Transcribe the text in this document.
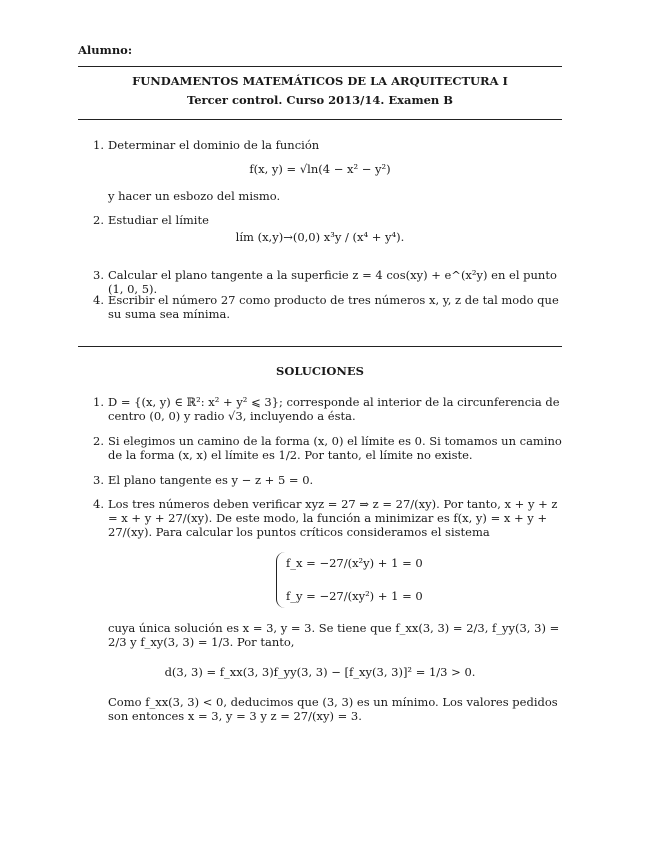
Alumno:
FUNDAMENTOS MATEMÁTICOS DE LA ARQUITECTURA I
Tercer control. Curso 2013/14. Examen B
1. Determinar el dominio de la función
f(x, y) = √ln(4 − x² − y²)
y hacer un esbozo del mismo.
2. Estudiar el límite
lím (x,y)→(0,0) x³y / (x⁴ + y⁴).
3. Calcular el plano tangente a la superficie z = 4 cos(xy) + e^(x²y) en el punto (1, 0, 5).
4. Escribir el número 27 como producto de tres números x, y, z de tal modo que su suma sea mínima.
SOLUCIONES
1. D = {(x, y) ∈ ℝ²: x² + y² ⩽ 3}; corresponde al interior de la circunferencia de centro (0, 0) y radio √3, incluyendo a ésta.
2. Si elegimos un camino de la forma (x, 0) el límite es 0. Si tomamos un camino de la forma (x, x) el límite es 1/2. Por tanto, el límite no existe.
3. El plano tangente es y − z + 5 = 0.
4. Los tres números deben verificar xyz = 27 ⇒ z = 27/(xy). Por tanto, x + y + z = x + y + 27/(xy). De este modo, la función a minimizar es f(x, y) = x + y + 27/(xy). Para calcular los puntos críticos consideramos el sistema
f_x = −27/(x²y) + 1 = 0
f_y = −27/(xy²) + 1 = 0
cuya única solución es x = 3, y = 3. Se tiene que f_xx(3, 3) = 2/3, f_yy(3, 3) = 2/3 y f_xy(3, 3) = 1/3. Por tanto,
d(3, 3) = f_xx(3, 3)f_yy(3, 3) − [f_xy(3, 3)]² = 1/3 > 0.
Como f_xx(3, 3) < 0, deducimos que (3, 3) es un mínimo. Los valores pedidos son entonces x = 3, y = 3 y z = 27/(xy) = 3.
